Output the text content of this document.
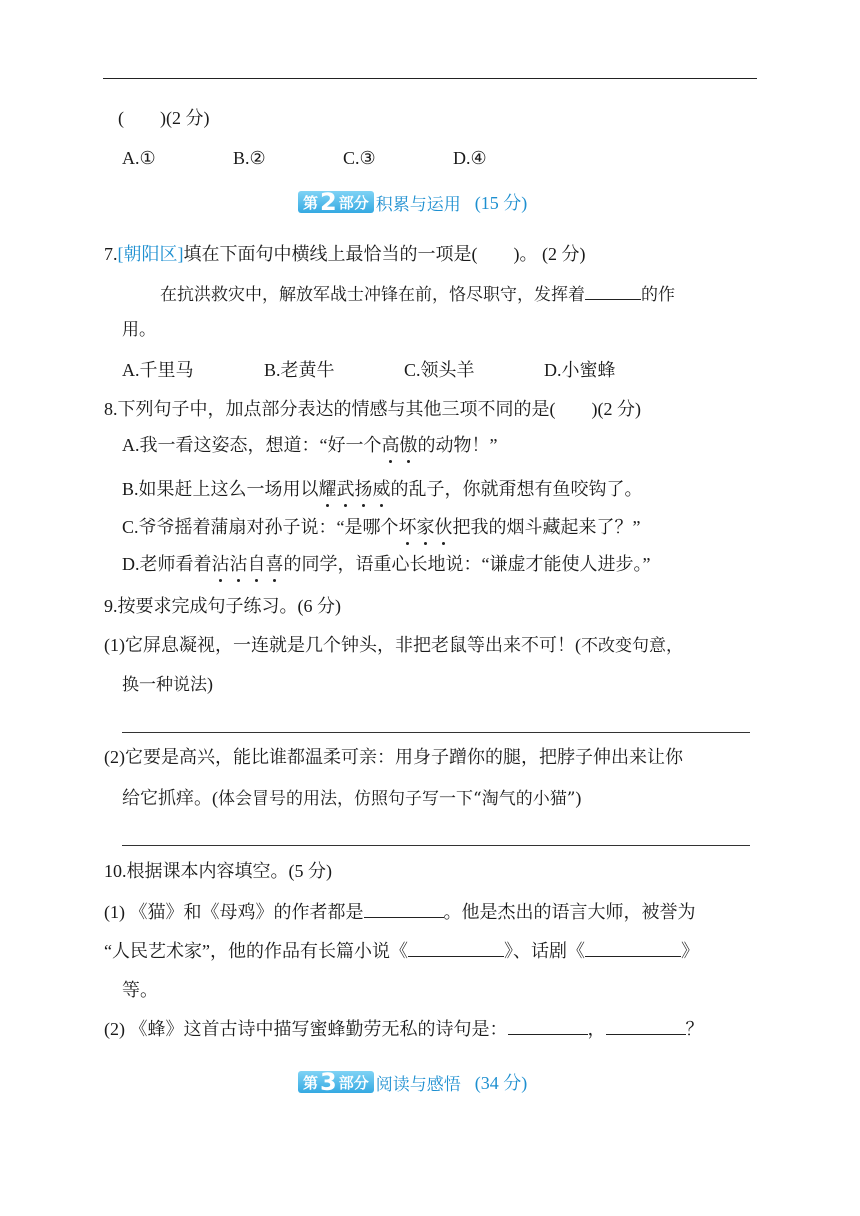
(　　)(2 分)
A.①	B.②	C.③	D.④
第 2 部分 积累与运用 (15 分)
7.[朝阳区]填在下面句中横线上最恰当的一项是(　　)。 (2 分)
在抗洪救灾中，解放军战士冲锋在前，恪尽职守，发挥着	的作
用。
A.千里马	B.老黄牛	C.领头羊	D.小蜜蜂
8.下列句子中，加点部分表达的情感与其他三项不同的是(　　)(2 分)
A.我一看这姿态，想道：“好一个高傲的动物！”
B.如果赶上这么一场用以耀武扬威的乱子，你就甭想有鱼咬钩了。
C.爷爷摇着蒲扇对孙子说：“是哪个坏家伙把我的烟斗藏起来了？”
D.老师看着沾沾自喜的同学，语重心长地说：“谦虚才能使人进步。”
9.按要求完成句子练习。(6 分)
(1)它屏息凝视，一连就是几个钟头，非把老鼠等出来不可！(不改变句意，
换一种说法)
(2)它要是高兴，能比谁都温柔可亲：用身子蹭你的腿，把脖子伸出来让你
给它抓痒。(体会冒号的用法，仿照句子写一下“淘气的小猫”)
10.根据课本内容填空。(5 分)
(1) 《猫》和《母鸡》的作者都是	。他是杰出的语言大师，被誉为
“人民艺术家”，他的作品有长篇小说《	》、话剧《	》
等。
(2) 《蜂》这首古诗中描写蜜蜂勤劳无私的诗句是：	，	？
第 3 部分 阅读与感悟 (34 分)
